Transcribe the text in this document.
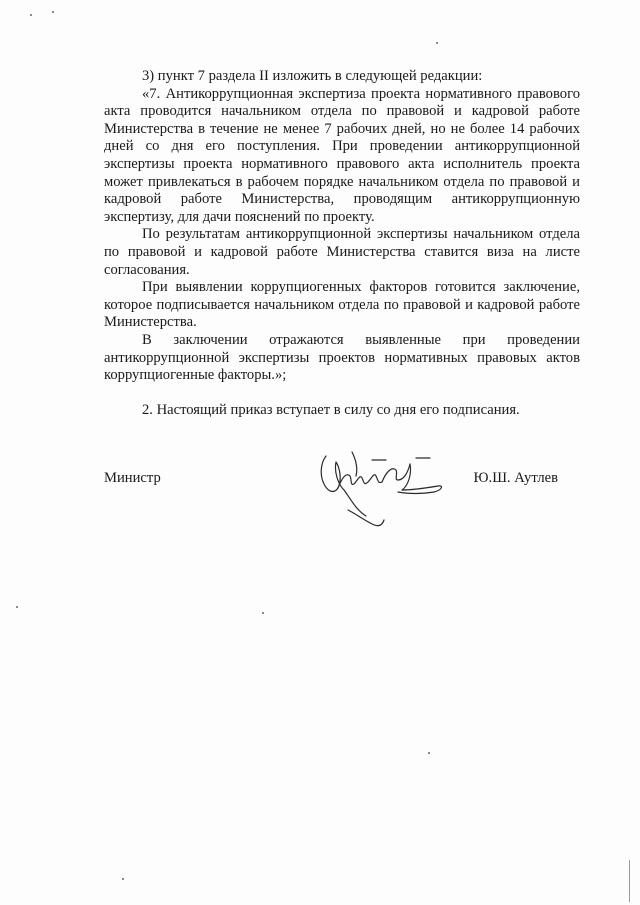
3) пункт 7 раздела II изложить в следующей редакции:

«7. Антикоррупционная экспертиза проекта нормативного правового акта проводится начальником отдела по правовой и кадровой работе Министерства в течение не менее 7 рабочих дней, но не более 14 рабочих дней со дня его поступления. При проведении антикоррупционной экспертизы проекта нормативного правового акта исполнитель проекта может привлекаться в рабочем порядке начальником отдела по правовой и кадровой работе Министерства, проводящим антикоррупционную экспертизу, для дачи пояснений по проекту.

По результатам антикоррупционной экспертизы начальником отдела по правовой и кадровой работе Министерства ставится виза на листе согласования.

При выявлении коррупциогенных факторов готовится заключение, которое подписывается начальником отдела по правовой и кадровой работе Министерства.

В заключении отражаются выявленные при проведении антикоррупционной экспертизы проектов нормативных правовых актов коррупциогенные факторы.»;

2. Настоящий приказ вступает в силу со дня его подписания.

Министр	Ю.Ш. Аутлев
